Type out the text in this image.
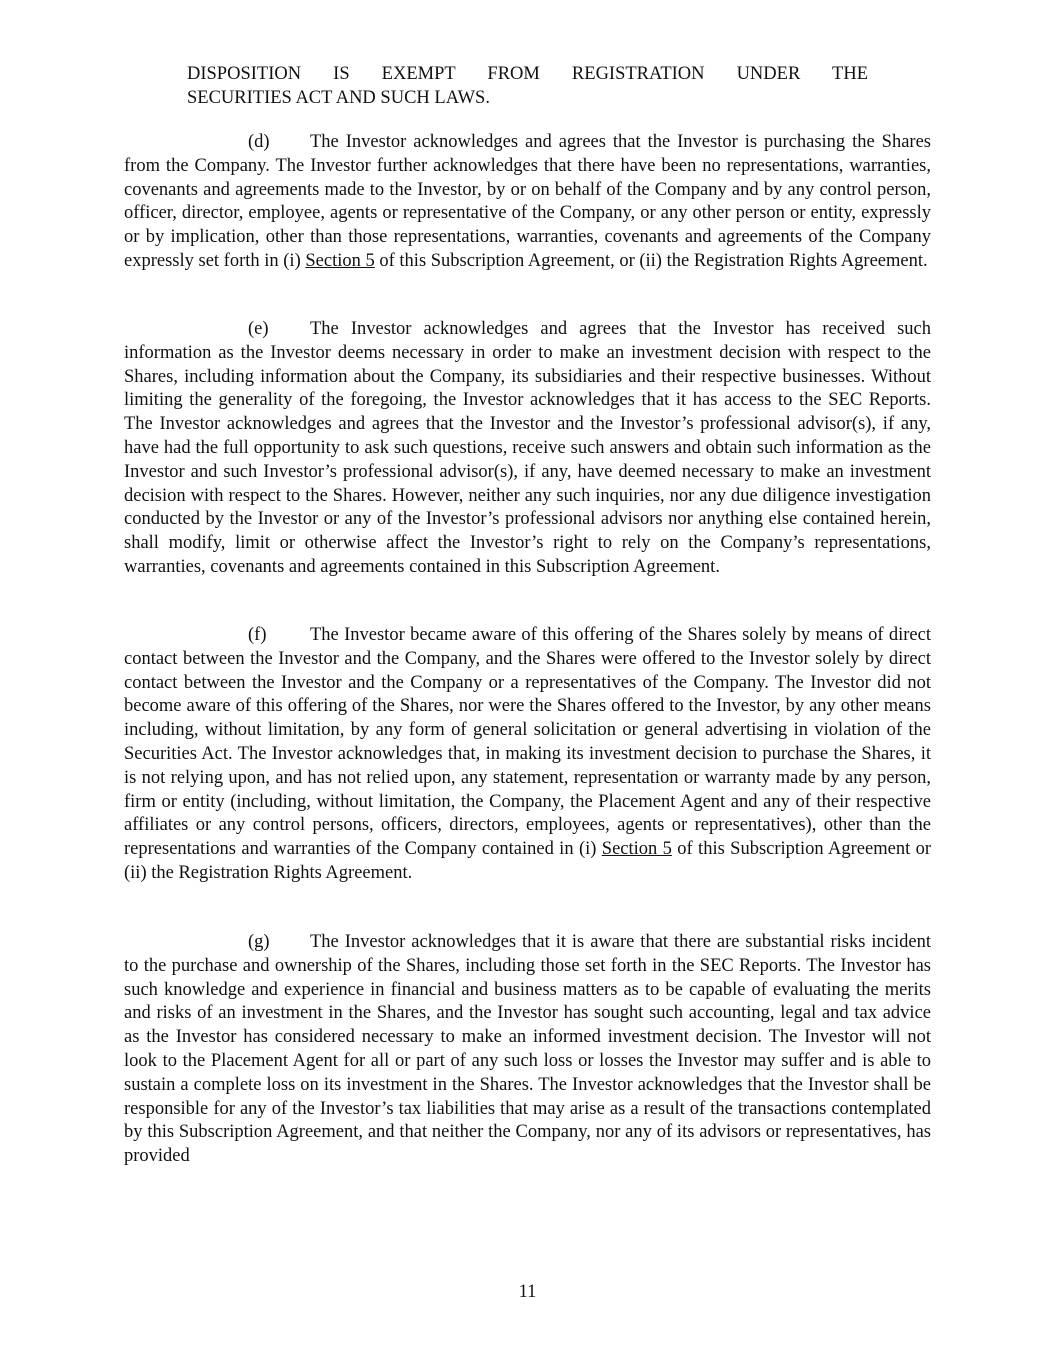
DISPOSITION IS EXEMPT FROM REGISTRATION UNDER THE
SECURITIES ACT AND SUCH LAWS.

(d) The Investor acknowledges and agrees that the Investor is purchasing the Shares from the Company. The Investor further acknowledges that there have been no representations, warranties, covenants and agreements made to the Investor, by or on behalf of the Company and by any control person, officer, director, employee, agents or representative of the Company, or any other person or entity, expressly or by implication, other than those representations, warranties, covenants and agreements of the Company expressly set forth in (i) Section 5 of this Subscription Agreement, or (ii) the Registration Rights Agreement.

(e) The Investor acknowledges and agrees that the Investor has received such information as the Investor deems necessary in order to make an investment decision with respect to the Shares, including information about the Company, its subsidiaries and their respective businesses. Without limiting the generality of the foregoing, the Investor acknowledges that it has access to the SEC Reports. The Investor acknowledges and agrees that the Investor and the Investor’s professional advisor(s), if any, have had the full opportunity to ask such questions, receive such answers and obtain such information as the Investor and such Investor’s professional advisor(s), if any, have deemed necessary to make an investment decision with respect to the Shares. However, neither any such inquiries, nor any due diligence investigation conducted by the Investor or any of the Investor’s professional advisors nor anything else contained herein, shall modify, limit or otherwise affect the Investor’s right to rely on the Company’s representations, warranties, covenants and agreements contained in this Subscription Agreement.

(f) The Investor became aware of this offering of the Shares solely by means of direct contact between the Investor and the Company, and the Shares were offered to the Investor solely by direct contact between the Investor and the Company or a representatives of the Company. The Investor did not become aware of this offering of the Shares, nor were the Shares offered to the Investor, by any other means including, without limitation, by any form of general solicitation or general advertising in violation of the Securities Act. The Investor acknowledges that, in making its investment decision to purchase the Shares, it is not relying upon, and has not relied upon, any statement, representation or warranty made by any person, firm or entity (including, without limitation, the Company, the Placement Agent and any of their respective affiliates or any control persons, officers, directors, employees, agents or representatives), other than the representations and warranties of the Company contained in (i) Section 5 of this Subscription Agreement or (ii) the Registration Rights Agreement.

(g) The Investor acknowledges that it is aware that there are substantial risks incident to the purchase and ownership of the Shares, including those set forth in the SEC Reports. The Investor has such knowledge and experience in financial and business matters as to be capable of evaluating the merits and risks of an investment in the Shares, and the Investor has sought such accounting, legal and tax advice as the Investor has considered necessary to make an informed investment decision. The Investor will not look to the Placement Agent for all or part of any such loss or losses the Investor may suffer and is able to sustain a complete loss on its investment in the Shares. The Investor acknowledges that the Investor shall be responsible for any of the Investor’s tax liabilities that may arise as a result of the transactions contemplated by this Subscription Agreement, and that neither the Company, nor any of its advisors or representatives, has provided

11
